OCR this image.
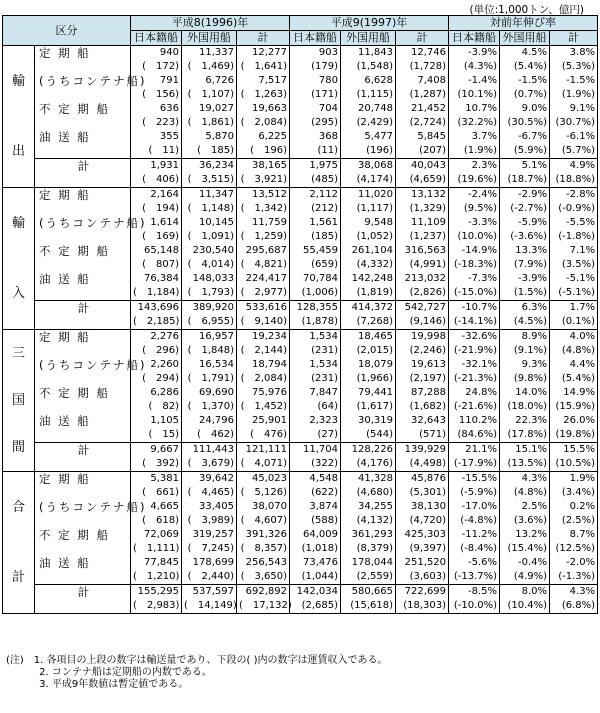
(単位:1,000トン、億円)
区分		平成8(1996)年			平成9(1997)年			対前年伸び率		
		日本籍船	外国用船	計	日本籍船	外国用船	計	日本籍船	外国用船	計

輸
出	定 期 船	940	11,337	12,277	903	11,843	12,746	-3.9%	4.5%	3.8%
		(　172)	(　1,469)	(　1,641)	(179)	(1,548)	(1,728)	(4.3%)	(5.4%)	(5.3%)
	(うちコンテナ船)	791	6,726	7,517	780	6,628	7,408	-1.4%	-1.5%	-1.5%
		(　156)	(　1,107)	(　1,263)	(171)	(1,115)	(1,287)	(10.1%)	(0.7%)	(1.9%)
	不 定 期 船	636	19,027	19,663	704	20,748	21,452	10.7%	9.0%	9.1%
		(　223)	(　1,861)	(　2,084)	(295)	(2,429)	(2,724)	(32.2%)	(30.5%)	(30.7%)
	油 送 船	355	5,870	6,225	368	5,477	5,845	3.7%	-6.7%	-6.1%
		(　11)	(　185)	(　196)	(11)	(196)	(207)	(1.9%)	(5.9%)	(5.7%)
	計	1,931	36,234	38,165	1,975	38,068	40,043	2.3%	5.1%	4.9%
		(　406)	(　3,515)	(　3,921)	(485)	(4,174)	(4,659)	(19.6%)	(18.7%)	(18.8%)

輸
入	定 期 船	2,164	11,347	13,512	2,112	11,020	13,132	-2.4%	-2.9%	-2.8%
		(　194)	(　1,148)	(　1,342)	(212)	(1,117)	(1,329)	(9.5%)	(-2.7%)	(-0.9%)
	(うちコンテナ船)	1,614	10,145	11,759	1,561	9,548	11,109	-3.3%	-5.9%	-5.5%
		(　169)	(　1,091)	(　1,259)	(185)	(1,052)	(1,237)	(10.0%)	(-3.6%)	(-1.8%)
	不 定 期 船	65,148	230,540	295,687	55,459	261,104	316,563	-14.9%	13.3%	7.1%
		(　807)	(　4,014)	(　4,821)	(659)	(4,332)	(4,991)	(-18.3%)	(7.9%)	(3.5%)
	油 送 船	76,384	148,033	224,417	70,784	142,248	213,032	-7.3%	-3.9%	-5.1%
		(　1,184)	(　1,793)	(　2,977)	(1,006)	(1,819)	(2,826)	(-15.0%)	(1.5%)	(-5.1%)
	計	143,696	389,920	533,616	128,355	414,372	542,727	-10.7%	6.3%	1.7%
		(　2,185)	(　6,955)	(　9,140)	(1,878)	(7,268)	(9,146)	(-14.1%)	(4.5%)	(0.1%)

三
国
間	定 期 船	2,276	16,957	19,234	1,534	18,465	19,998	-32.6%	8.9%	4.0%
		(　296)	(　1,848)	(　2,144)	(231)	(2,015)	(2,246)	(-21.9%)	(9.1%)	(4.8%)
	(うちコンテナ船)	2,260	16,534	18,794	1,534	18,079	19,613	-32.1%	9.3%	4.4%
		(　294)	(　1,791)	(　2,084)	(231)	(1,966)	(2,197)	(-21.3%)	(9.8%)	(5.4%)
	不 定 期 船	6,286	69,690	75,976	7,847	79,441	87,288	24.8%	14.0%	14.9%
		(　82)	(　1,370)	(　1,452)	(64)	(1,617)	(1,682)	(-21.6%)	(18.0%)	(15.9%)
	油 送 船	1,105	24,796	25,901	2,323	30,319	32,643	110.2%	22.3%	26.0%
		(　15)	(　462)	(　476)	(27)	(544)	(571)	(84.6%)	(17.8%)	(19.8%)
	計	9,667	111,443	121,111	11,704	128,226	139,929	21.1%	15.1%	15.5%
		(　392)	(　3,679)	(　4,071)	(322)	(4,176)	(4,498)	(-17.9%)	(13.5%)	(10.5%)

合
計	定 期 船	5,381	39,642	45,023	4,548	41,328	45,876	-15.5%	4.3%	1.9%
		(　661)	(　4,465)	(　5,126)	(622)	(4,680)	(5,301)	(-5.9%)	(4.8%)	(3.4%)
	(うちコンテナ船)	4,665	33,405	38,070	3,874	34,255	38,130	-17.0%	2.5%	0.2%
		(　618)	(　3,989)	(　4,607)	(588)	(4,132)	(4,720)	(-4.8%)	(3.6%)	(2.5%)
	不 定 期 船	72,069	319,257	391,326	64,009	361,293	425,303	-11.2%	13.2%	8.7%
		(　1,111)	(　7,245)	(　8,357)	(1,018)	(8,379)	(9,397)	(-8.4%)	(15.4%)	(12.5%)
	油 送 船	77,845	178,699	256,543	73,476	178,044	251,520	-5.6%	-0.4%	-2.0%
		(　1,210)	(　2,440)	(　3,650)	(1,044)	(2,559)	(3,603)	(-13.7%)	(4.9%)	(-1.3%)
	計	155,295	537,597	692,892	142,034	580,665	722,699	-8.5%	8.0%	4.3%
		(　2,983)	(　14,149)	(　17,132)	(2,685)	(15,618)	(18,303)	(-10.0%)	(10.4%)	(6.8%)
(注)　1. 各項目の上段の数字は輸送量であり、下段の( )内の数字は運賃収入である。
　　　 2. コンテナ船は定期船の内数である。
　　　 3. 平成9年数値は暫定値である。
